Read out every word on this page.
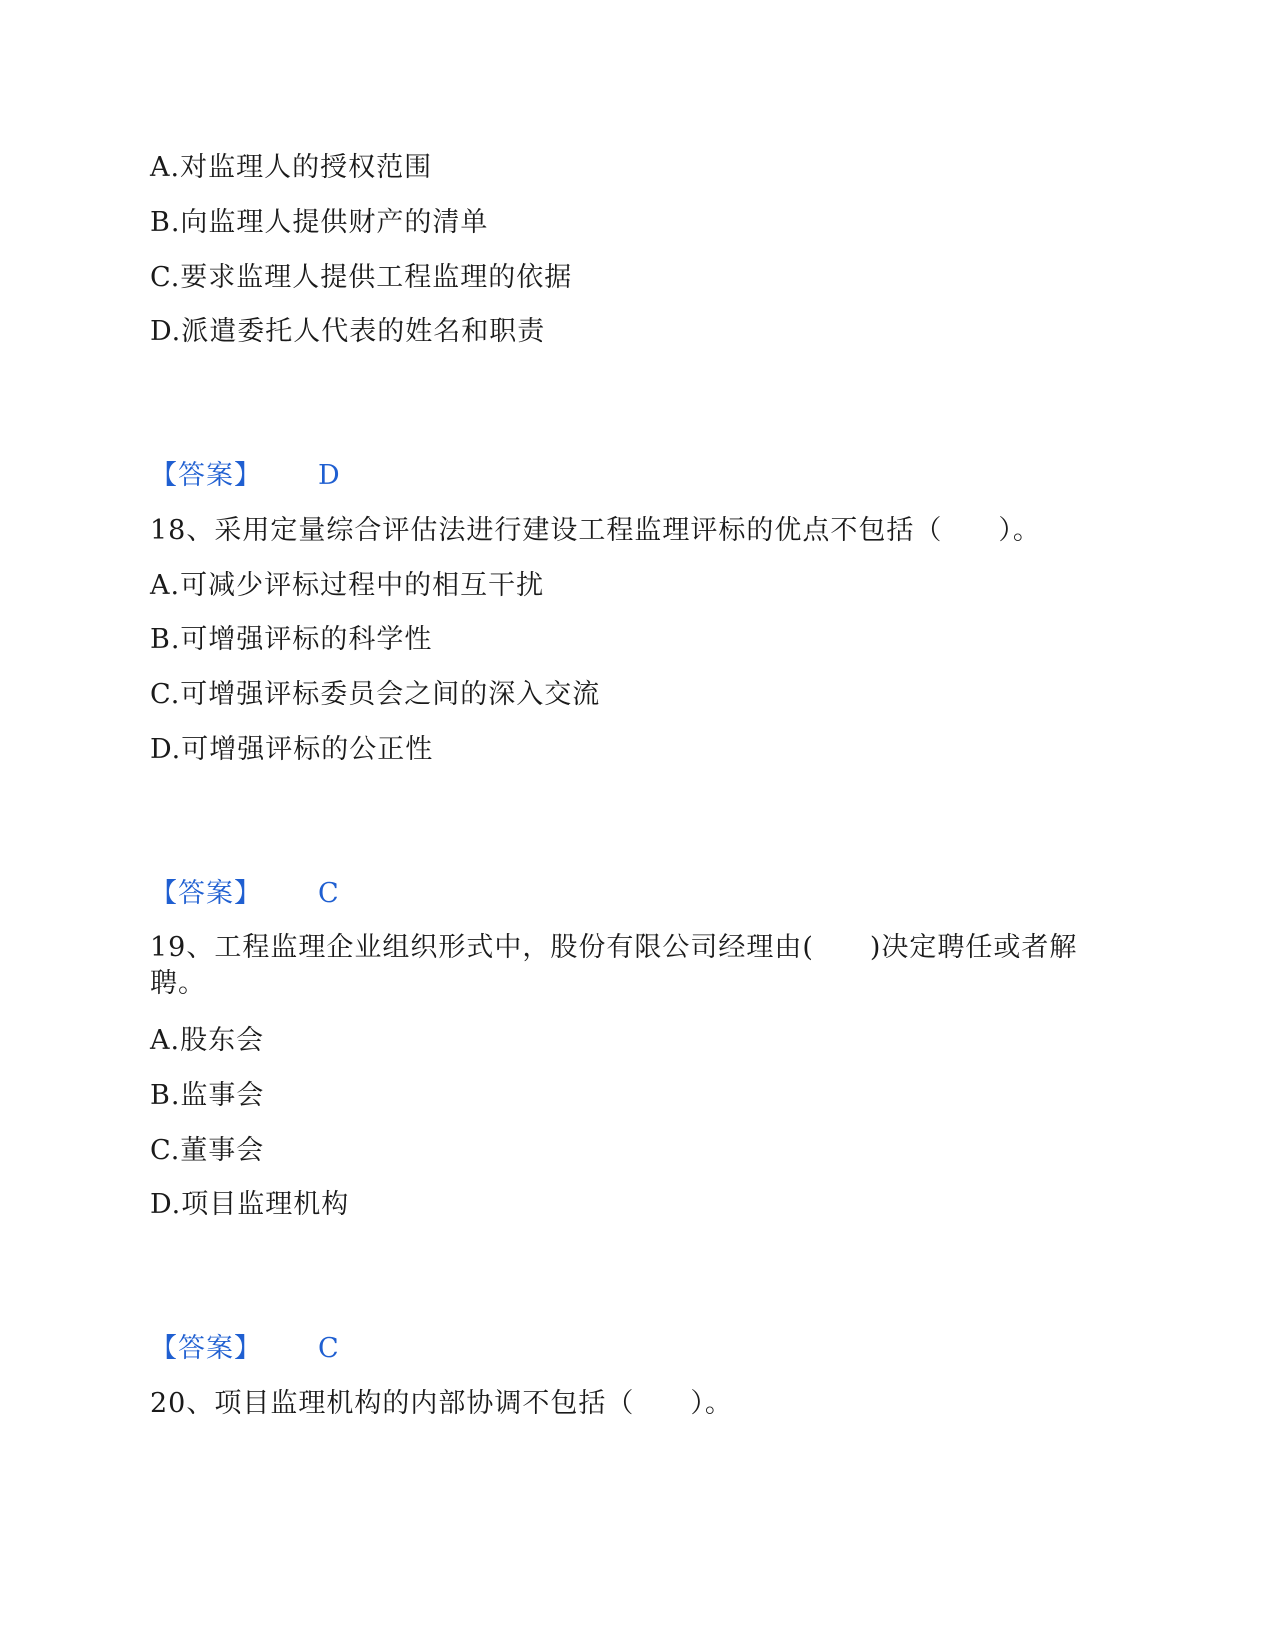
A.对监理人的授权范围
B.向监理人提供财产的清单
C.要求监理人提供工程监理的依据
D.派遣委托人代表的姓名和职责
【答案】 D
18、采用定量综合评估法进行建设工程监理评标的优点不包括（　　）。
A.可减少评标过程中的相互干扰
B.可增强评标的科学性
C.可增强评标委员会之间的深入交流
D.可增强评标的公正性
【答案】 C
19、工程监理企业组织形式中，股份有限公司经理由(　　)决定聘任或者解聘。
A.股东会
B.监事会
C.董事会
D.项目监理机构
【答案】 C
20、项目监理机构的内部协调不包括（　　）。
